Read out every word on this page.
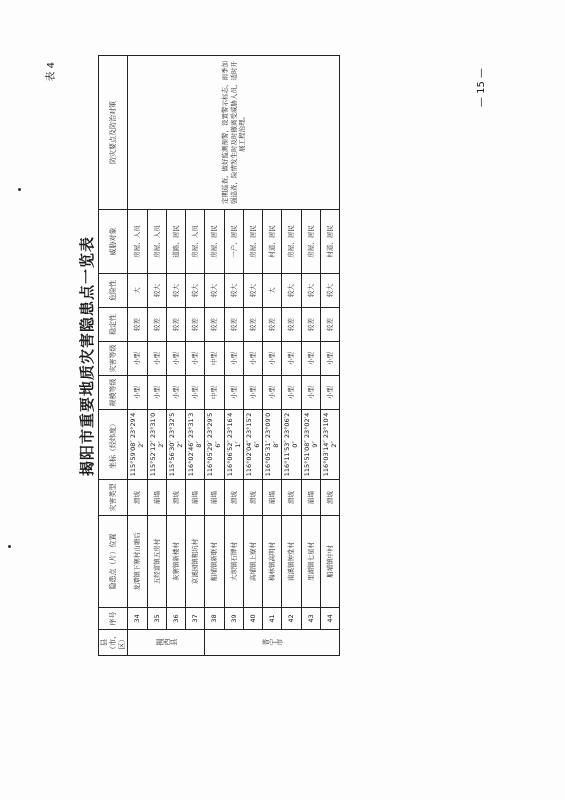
揭阳市重要地质灾害隐患点一览表
表 4
县（市、区）	序号	隐患点（片）位置	灾害类型	坐标（经纬度）	规模等级	灾害等级	稳定性	危险性	威胁对象	防灾要点及防治对策
揭西县	34	龙潭镇下寨村山塘后	滑坡	115°59′08″ 23°29′42″	小型	小型	较差	大	房屋、人员	定期巡查，做好监测预警，设置警示标志，雨季加强巡查，险情发生时及时撤离受威胁人员，适时开展工程治理。
	35	五经富镇五房村	崩塌	115°52′12″ 23°31′02″	小型	小型	较差	较大	房屋、人员	
	36	灰寨镇新楼村	滑坡	115°56′30″ 23°32′52″	小型	小型	较差	较大	道路、居民	
	37	京溪园镇粗坑村	崩塌	116°02′46″ 23°31′38″	小型	小型	较差	较大	房屋、人员	
普宁市	38	船埔镇新联村	崩塌	116°05′29″ 23°29′56″	中型	中型	较差	较大	房屋、居民	
	39	大坝镇石牌村	滑坡	116°06′52″ 23°16′41″	小型	小型	较差	较大	一户、居民	
	40	高埔镇上寮村	滑坡	116°02′04″ 23°15′26″	小型	小型	较差	较大	房屋、居民	
	41	梅林镇高明村	崩塌	116°05′31″ 23°09′08″	小型	小型	较差	大	村道、居民	
	42	南溪镇钟堂村	滑坡	116°11′53″ 23°06′20″	小型	小型	较差	较大	房屋、居民	
	43	里湖镇七星村	崩塌	115°51′08″ 23°02′49″	小型	小型	较差	较大	房屋、居民	
	44	船埔镇中村	滑坡	116°03′14″ 23°10′42″	小型	小型	较差	较大	村道、居民	
— 15 —
